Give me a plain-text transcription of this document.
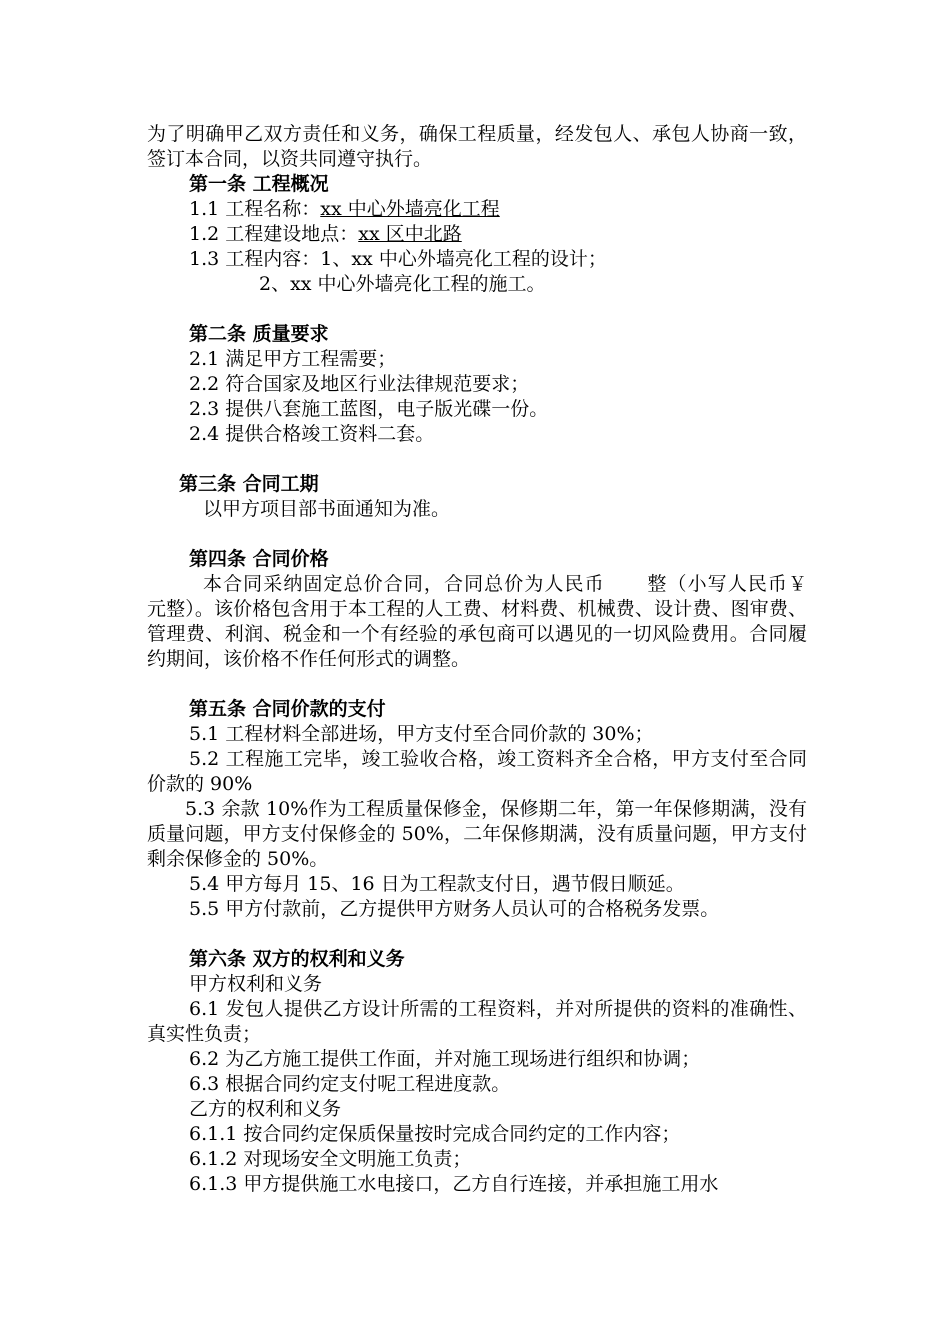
为了明确甲乙双方责任和义务，确保工程质量，经发包人、承包人协商一致，签订本合同，以资共同遵守执行。
第一条 工程概况
1.1 工程名称：xx 中心外墙亮化工程
1.2 工程建设地点：xx 区中北路
1.3 工程内容：1、xx 中心外墙亮化工程的设计；
2、xx 中心外墙亮化工程的施工。
第二条 质量要求
2.1 满足甲方工程需要；
2.2 符合国家及地区行业法律规范要求；
2.3 提供八套施工蓝图，电子版光碟一份。
2.4 提供合格竣工资料二套。
第三条 合同工期
以甲方项目部书面通知为准。
第四条 合同价格
本合同采纳固定总价合同，合同总价为人民币      整（小写人民币￥     元整）。该价格包含用于本工程的人工费、材料费、机械费、设计费、图审费、管理费、利润、税金和一个有经验的承包商可以遇见的一切风险费用。合同履约期间，该价格不作任何形式的调整。
第五条 合同价款的支付
5.1 工程材料全部进场，甲方支付至合同价款的 30%；
5.2 工程施工完毕，竣工验收合格，竣工资料齐全合格，甲方支付至合同价款的 90%
5.3 余款 10%作为工程质量保修金，保修期二年，第一年保修期满，没有质量问题，甲方支付保修金的 50%，二年保修期满，没有质量问题，甲方支付剩余保修金的 50%。
5.4 甲方每月 15、16 日为工程款支付日，遇节假日顺延。
5.5 甲方付款前，乙方提供甲方财务人员认可的合格税务发票。
第六条 双方的权利和义务
甲方权利和义务
6.1 发包人提供乙方设计所需的工程资料，并对所提供的资料的准确性、真实性负责；
6.2 为乙方施工提供工作面，并对施工现场进行组织和协调；
6.3 根据合同约定支付呢工程进度款。
乙方的权利和义务
6.1.1 按合同约定保质保量按时完成合同约定的工作内容；
6.1.2 对现场安全文明施工负责；
6.1.3 甲方提供施工水电接口，乙方自行连接，并承担施工用水
